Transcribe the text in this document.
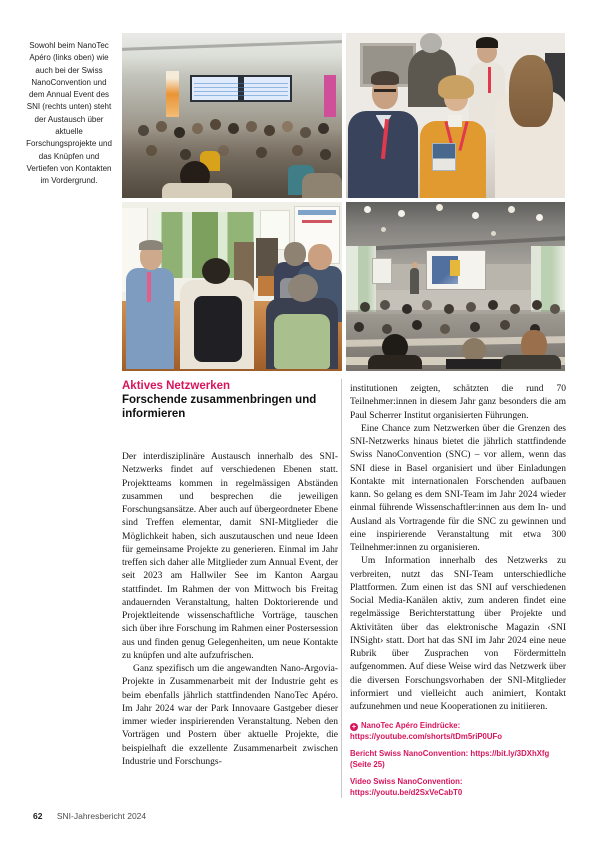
Sowohl beim NanoTec Apéro (links oben) wie auch bei der Swiss NanoConvention und dem Annual Event des SNI (rechts unten) steht der Austausch über aktuelle Forschungsprojekte und das Knüpfen und Vertiefen von Kontakten im Vordergrund.
Aktives Netzwerken
Forschende zusammenbringen und informieren

Der interdisziplinäre Austausch innerhalb des SNI-Netzwerks findet auf verschiedenen Ebenen statt. Projektteams kommen in regelmässigen Abständen zusammen und besprechen die jeweiligen Forschungsansätze. Aber auch auf übergeordneter Ebene sind Treffen elementar, damit SNI-Mitglieder die Möglichkeit haben, sich auszutauschen und neue Ideen für gemeinsame Projekte zu generieren. Einmal im Jahr treffen sich daher alle Mitglieder zum Annual Event, der seit 2023 am Hallwiler See im Kanton Aargau stattfindet. Im Rahmen der von Mittwoch bis Freitag andauernden Veranstaltung, halten Doktorierende und Projektleitende wissenschaftliche Vorträge, tauschen sich über ihre Forschung im Rahmen einer Postersession aus und finden genug Gelegenheiten, um neue Kontakte zu knüpfen und alte aufzufrischen.

Ganz spezifisch um die angewandten Nano-Argovia-Projekte in Zusammenarbeit mit der Industrie geht es beim ebenfalls jährlich stattfindenden NanoTec Apéro. Im Jahr 2024 war der Park Innovaare Gastgeber dieser immer wieder inspirierenden Veranstaltung. Neben den Vorträgen und Postern über aktuelle Projekte, die beispielhaft die exzellente Zusammenarbeit zwischen Industrie und Forschungs-

institutionen zeigten, schätzten die rund 70 Teilnehmer:innen in diesem Jahr ganz besonders die am Paul Scherrer Institut organisierten Führungen.

Eine Chance zum Netzwerken über die Grenzen des SNI-Netzwerks hinaus bietet die jährlich stattfindende Swiss NanoConvention (SNC) – vor allem, wenn das SNI diese in Basel organisiert und über Einladungen Kontakte mit internationalen Forschenden aufbauen kann. So gelang es dem SNI-Team im Jahr 2024 wieder einmal führende Wissenschaftler:innen aus dem In- und Ausland als Vortragende für die SNC zu gewinnen und eine inspirierende Veranstaltung mit etwa 300 Teilnehmer:innen zu organisieren.

Um Information innerhalb des Netzwerks zu verbreiten, nutzt das SNI-Team unterschiedliche Plattformen. Zum einen ist das SNI auf verschiedenen Social Media-Kanälen aktiv, zum anderen findet eine regelmässige Berichterstattung über Projekte und Aktivitäten über das elektronische Magazin ‹SNI INSight› statt. Dort hat das SNI im Jahr 2024 eine neue Rubrik über Zusprachen von Fördermitteln aufgenommen. Auf diese Weise wird das Netzwerk über die diversen Forschungsvorhaben der SNI-Mitglieder informiert und vielleicht auch animiert, Kontakt aufzunehmen und neue Kooperationen zu initiieren.

+ NanoTec Apéro Eindrücke: https://youtube.com/shorts/tDm5riP0UFo
Bericht Swiss NanoConvention: https://bit.ly/3DXhXfg (Seite 25)
Video Swiss NanoConvention: https://youtu.be/d2SxVeCabT0
62 SNI-Jahresbericht 2024
